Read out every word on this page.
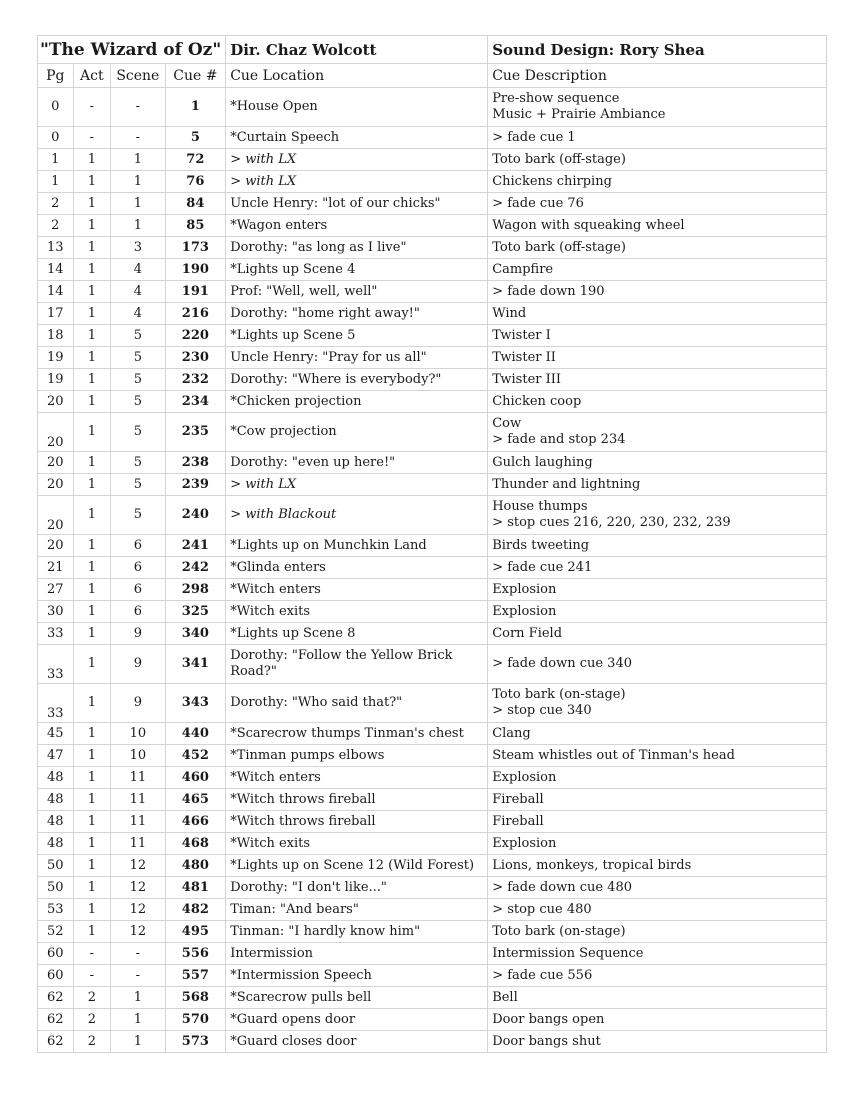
"The Wizard of Oz"				Dir. Chaz Wolcott	Sound Design: Rory Shea
Pg	Act	Scene	Cue #	Cue Location	Cue Description
0	-	-	1	*House Open	Pre-show sequence
Music + Prairie Ambiance

0	-	-	5	*Curtain Speech	> fade cue 1

1	1	1	72	> with LX	Toto bark (off-stage)

1	1	1	76	> with LX	Chickens chirping

2	1	1	84	Uncle Henry: "lot of our chicks"	> fade cue 76

2	1	1	85	*Wagon enters	Wagon with squeaking wheel

13	1	3	173	Dorothy: "as long as I live"	Toto bark (off-stage)

14	1	4	190	*Lights up Scene 4	Campfire

14	1	4	191	Prof: "Well, well, well"	> fade down 190

17	1	4	216	Dorothy: "home right away!"	Wind

18	1	5	220	*Lights up Scene 5	Twister I

19	1	5	230	Uncle Henry: "Pray for us all"	Twister II

19	1	5	232	Dorothy: "Where is everybody?"	Twister III

20	1	5	234	*Chicken projection	Chicken coop

20	1	5	235	*Cow projection	Cow
> fade and stop 234

20	1	5	238	Dorothy: "even up here!"	Gulch laughing

20	1	5	239	> with LX	Thunder and lightning

20	1	5	240	> with Blackout	House thumps
> stop cues 216, 220, 230, 232, 239

20	1	6	241	*Lights up on Munchkin Land	Birds tweeting

21	1	6	242	*Glinda enters	> fade cue 241

27	1	6	298	*Witch enters	Explosion

30	1	6	325	*Witch exits	Explosion

33	1	9	340	*Lights up Scene 8	Corn Field

33	1	9	341	Dorothy: "Follow the Yellow Brick Road?"	> fade down cue 340

33	1	9	343	Dorothy: "Who said that?"	Toto bark (on-stage)
> stop cue 340

45	1	10	440	*Scarecrow thumps Tinman's chest	Clang

47	1	10	452	*Tinman pumps elbows	Steam whistles out of Tinman's head

48	1	11	460	*Witch enters	Explosion

48	1	11	465	*Witch throws fireball	Fireball

48	1	11	466	*Witch throws fireball	Fireball

48	1	11	468	*Witch exits	Explosion

50	1	12	480	*Lights up on Scene 12 (Wild Forest)	Lions, monkeys, tropical birds

50	1	12	481	Dorothy: "I don't like..."	> fade down cue 480

53	1	12	482	Timan: "And bears"	> stop cue 480

52	1	12	495	Tinman: "I hardly know him"	Toto bark (on-stage)

60	-	-	556	Intermission	Intermission Sequence

60	-	-	557	*Intermission Speech	> fade cue 556

62	2	1	568	*Scarecrow pulls bell	Bell

62	2	1	570	*Guard opens door	Door bangs open

62	2	1	573	*Guard closes door	Door bangs shut
